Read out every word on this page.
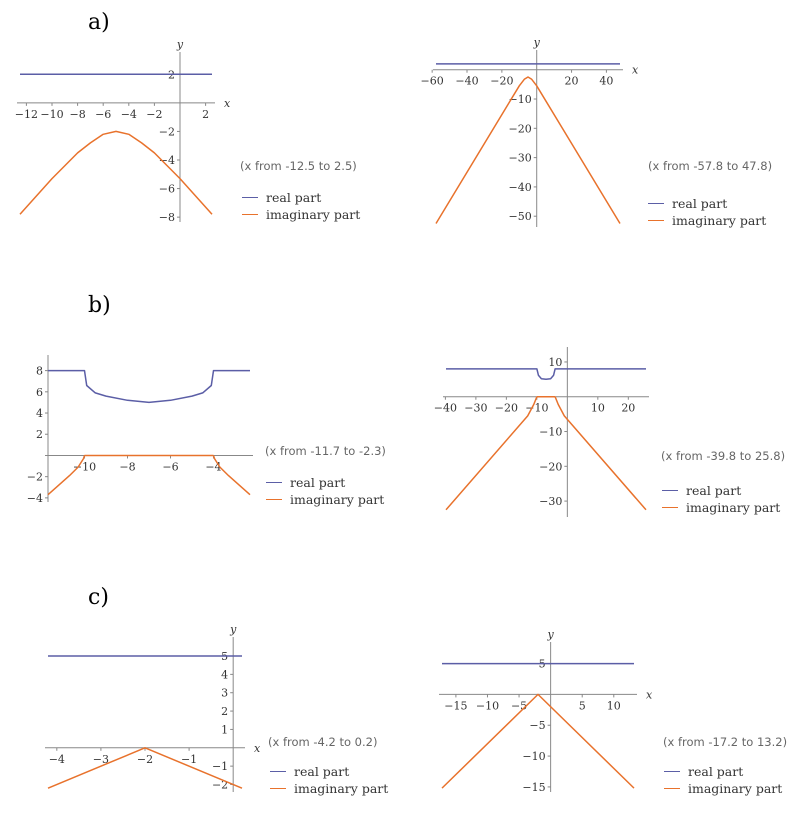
a)
b)
c)
−12 −10 −8 −6 −4 −2	2
2
−2
−4
−6
−8
x
y
−60 −40 −20	20 40
−10
−20
−30
−40
−50
x
y
−10 −8 −6 −4
8
6
4
2
−2
−4
−40 −30 −20 −10	10 20
10
−10
−20
−30
−4	−3	−2	−1
5
4
3
2
1
−1
−2
x
y
−15 −10 −5	5 10
5
−5
−10
−15
x
y
(x from -12.5 to 2.5)	(x from -57.8 to 47.8)
(x from -11.7 to -2.3)	(x from -39.8 to 25.8)
(x from -4.2 to 0.2)	(x from -17.2 to 13.2)
real part
imaginary part
real part
imaginary part
real part
imaginary part
real part
imaginary part
real part
imaginary part
real part
imaginary part
